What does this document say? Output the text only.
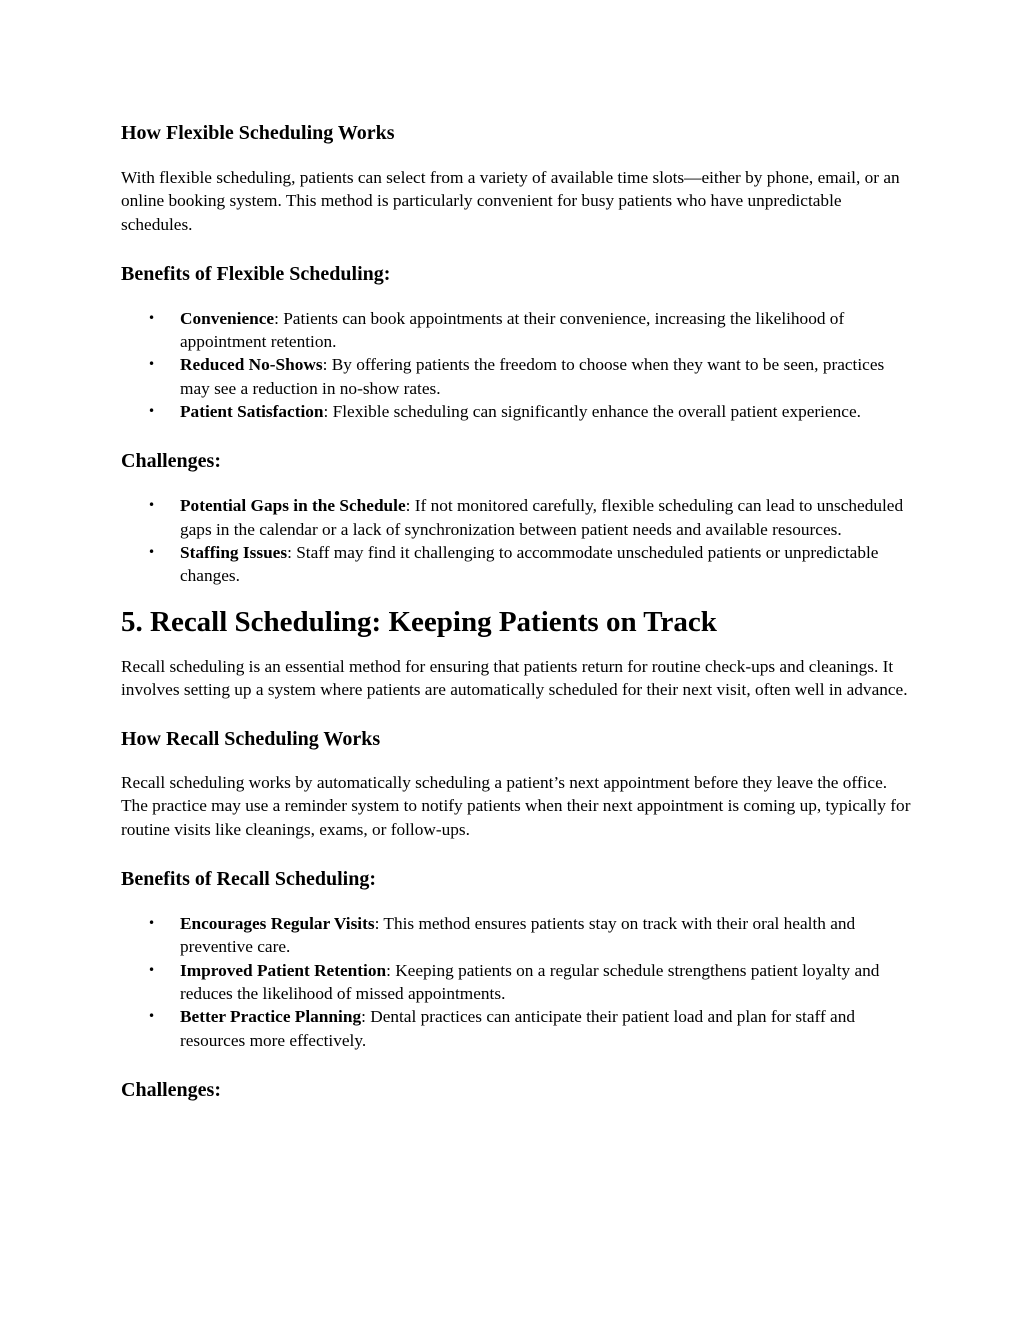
How Flexible Scheduling Works

With flexible scheduling, patients can select from a variety of available time slots—either by phone, email, or an online booking system. This method is particularly convenient for busy patients who have unpredictable schedules.

Benefits of Flexible Scheduling:
• Convenience: Patients can book appointments at their convenience, increasing the likelihood of appointment retention.
• Reduced No-Shows: By offering patients the freedom to choose when they want to be seen, practices may see a reduction in no-show rates.
• Patient Satisfaction: Flexible scheduling can significantly enhance the overall patient experience.
Challenges:
• Potential Gaps in the Schedule: If not monitored carefully, flexible scheduling can lead to unscheduled gaps in the calendar or a lack of synchronization between patient needs and available resources.
• Staffing Issues: Staff may find it challenging to accommodate unscheduled patients or unpredictable changes.
5. Recall Scheduling: Keeping Patients on Track

Recall scheduling is an essential method for ensuring that patients return for routine check-ups and cleanings. It involves setting up a system where patients are automatically scheduled for their next visit, often well in advance.

How Recall Scheduling Works

Recall scheduling works by automatically scheduling a patient’s next appointment before they leave the office. The practice may use a reminder system to notify patients when their next appointment is coming up, typically for routine visits like cleanings, exams, or follow-ups.

Benefits of Recall Scheduling:
• Encourages Regular Visits: This method ensures patients stay on track with their oral health and preventive care.
• Improved Patient Retention: Keeping patients on a regular schedule strengthens patient loyalty and reduces the likelihood of missed appointments.
• Better Practice Planning: Dental practices can anticipate their patient load and plan for staff and resources more effectively.
Challenges:
